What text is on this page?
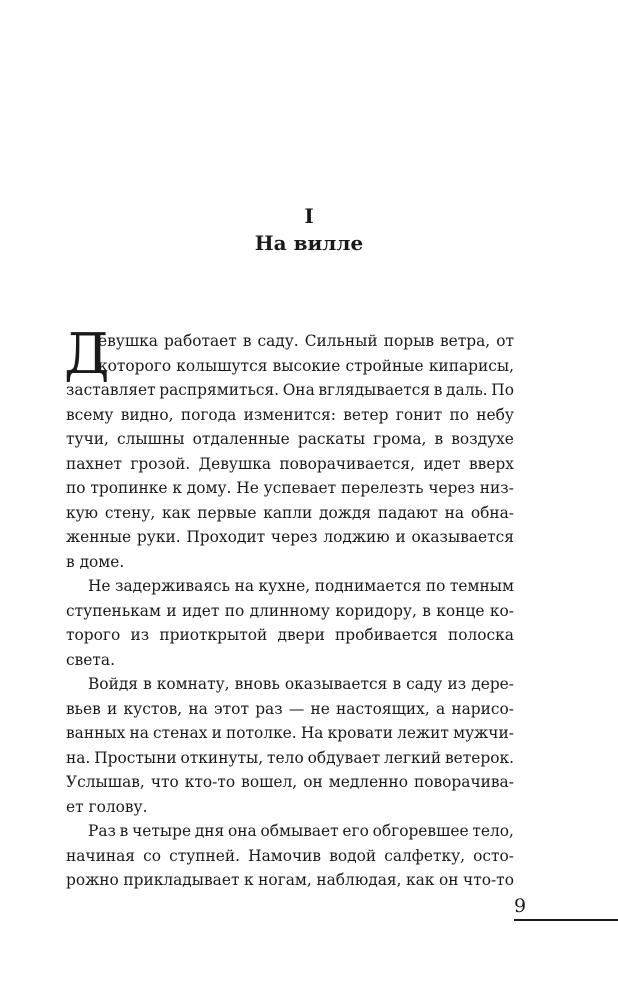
I
На вилле
Д
евушка работает в саду. Сильный порыв ветра, от
которого колышутся высокие стройные кипарисы,
заставляет распрямиться. Она вглядывается в даль. По
всему видно, погода изменится: ветер гонит по небу
тучи, слышны отдаленные раскаты грома, в воздухе
пахнет грозой. Девушка поворачивается, идет вверх
по тропинке к дому. Не успевает перелезть через низ-
кую стену, как первые капли дождя падают на обна-
женные руки. Проходит через лоджию и оказывается
в доме.
Не задерживаясь на кухне, поднимается по темным
ступенькам и идет по длинному коридору, в конце ко-
торого из приоткрытой двери пробивается полоска
света.
Войдя в комнату, вновь оказывается в саду из дере-
вьев и кустов, на этот раз — не настоящих, а нарисо-
ванных на стенах и потолке. На кровати лежит мужчи-
на. Простыни откинуты, тело обдувает легкий ветерок.
Услышав, что кто-то вошел, он медленно поворачива-
ет голову.
Раз в четыре дня она обмывает его обгоревшее тело,
начиная со ступней. Намочив водой салфетку, осто-
рожно прикладывает к ногам, наблюдая, как он что-то
9
